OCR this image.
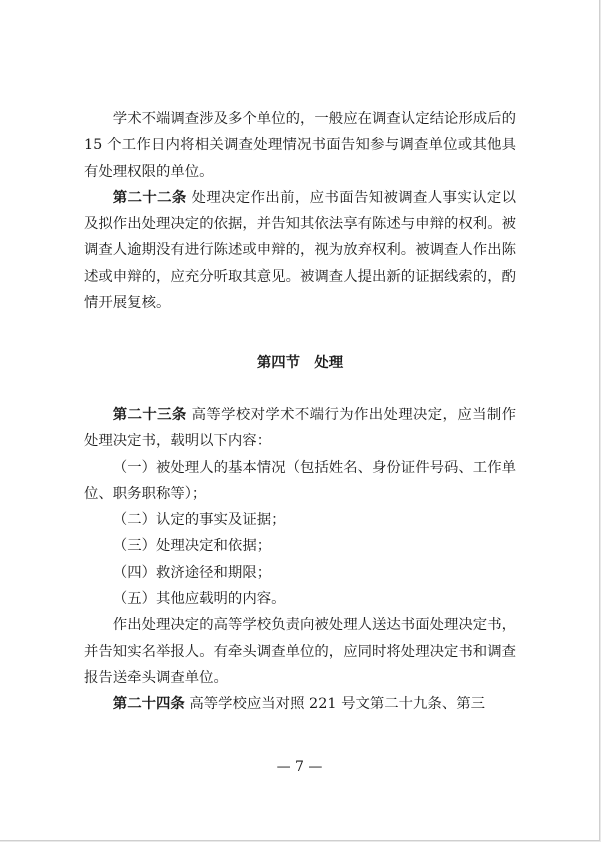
学术不端调查涉及多个单位的，一般应在调查认定结论形成后的 15 个工作日内将相关调查处理情况书面告知参与调查单位或其他具有处理权限的单位。

第二十二条 处理决定作出前，应书面告知被调查人事实认定以及拟作出处理决定的依据，并告知其依法享有陈述与申辩的权利。被调查人逾期没有进行陈述或申辩的，视为放弃权利。被调查人作出陈述或申辩的，应充分听取其意见。被调查人提出新的证据线索的，酌情开展复核。

第四节 处理

第二十三条 高等学校对学术不端行为作出处理决定，应当制作处理决定书，载明以下内容：

（一）被处理人的基本情况（包括姓名、身份证件号码、工作单位、职务职称等）；

（二）认定的事实及证据；

（三）处理决定和依据；

（四）救济途径和期限；

（五）其他应载明的内容。

作出处理决定的高等学校负责向被处理人送达书面处理决定书，并告知实名举报人。有牵头调查单位的，应同时将处理决定书和调查报告送牵头调查单位。

第二十四条 高等学校应当对照 221 号文第二十九条、第三

— 7 —
